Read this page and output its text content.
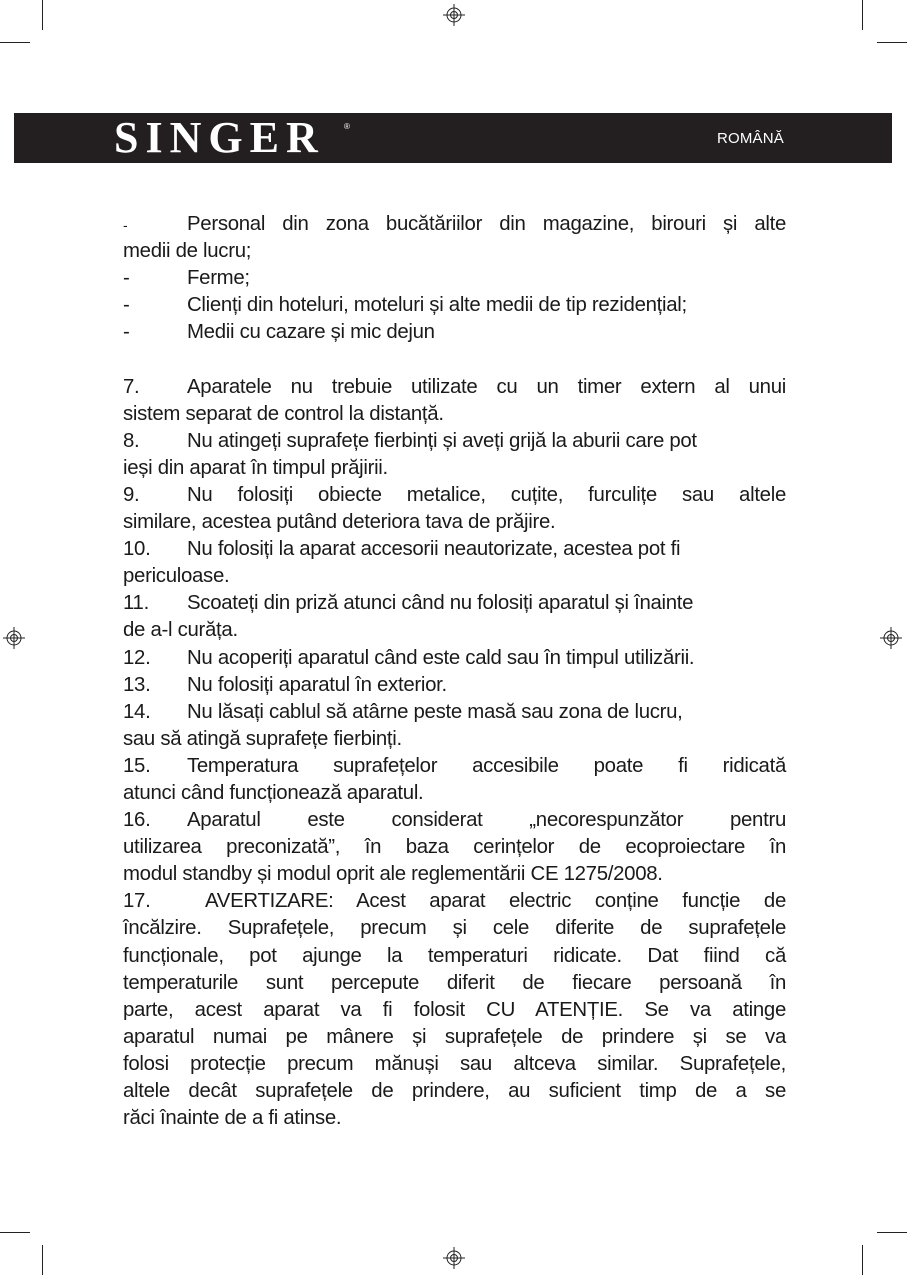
SINGER ®
ROMÂNĂ
-	Personal din zona bucătăriilor din magazine, birouri și alte
medii de lucru;
-	Ferme;
-	Clienți din hoteluri, moteluri și alte medii de tip rezidențial;
-	Medii cu cazare și mic dejun
7. Aparatele nu trebuie utilizate cu un timer extern al unui
sistem separat de control la distanță.
8. Nu atingeți suprafețe fierbinți și aveți grijă la aburii care pot
ieși din aparat în timpul prăjirii.
9. Nu folosiți obiecte metalice, cuțite, furculițe sau altele
similare, acestea putând deteriora tava de prăjire.
10. Nu folosiți la aparat accesorii neautorizate, acestea pot fi
periculoase.
11. Scoateți din priză atunci când nu folosiți aparatul și înainte
de a-l curăța.
12. Nu acoperiți aparatul când este cald sau în timpul utilizării.
13. Nu folosiți aparatul în exterior.
14. Nu lăsați cablul să atârne peste masă sau zona de lucru,
sau să atingă suprafețe fierbinți.
15. Temperatura suprafețelor accesibile poate fi ridicată
atunci când funcționează aparatul.
16. Aparatul este considerat „necorespunzător pentru
utilizarea preconizată”, în baza cerințelor de ecoproiectare în
modul standby și modul oprit ale reglementării CE 1275/2008.
17.	AVERTIZARE: Acest aparat electric conține funcție de
încălzire. Suprafețele, precum și cele diferite de suprafețele
funcționale, pot ajunge la temperaturi ridicate. Dat fiind că
temperaturile sunt percepute diferit de fiecare persoană în
parte, acest aparat va fi folosit CU ATENȚIE. Se va atinge
aparatul numai pe mânere și suprafețele de prindere și se va
folosi protecție precum mănuși sau altceva similar. Suprafețele,
altele decât suprafețele de prindere, au suficient timp de a se
răci înainte de a fi atinse.
